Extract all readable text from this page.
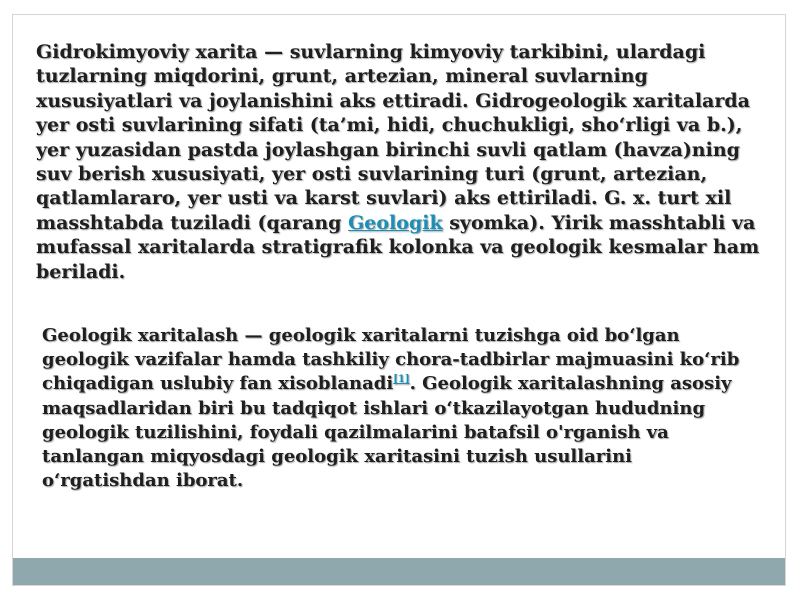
Gidrokimyoviy xarita — suvlarning kimyoviy tarkibini, ulardagi tuzlarning miqdorini, grunt, artezian, mineral suvlarning xususiyatlari va joylanishini aks ettiradi. Gidrogeologik xaritalarda yer osti suvlarining sifati (ta’mi, hidi, chuchukligi, sho‘rligi va b.), yer yuzasidan pastda joylashgan birinchi suvli qatlam (havza)ning suv berish xususiyati, yer osti suvlarining turi (grunt, artezian, qatlamlararo, yer usti va karst suvlari) aks ettiriladi. G. x. turt xil masshtabda tuziladi (qarang Geologik syomka). Yirik masshtabli va mufassal xaritalarda stratigrafik kolonka va geologik kesmalar ham beriladi.
Geologik xaritalash — geologik xaritalarni tuzishga oid boʻlgan geologik vazifalar hamda tashkiliy chora-tadbirlar majmuasini koʻrib chiqadigan uslubiy fan xisoblanadi[1]. Geologik xaritalashning asosiy maqsadlaridan biri bu tadqiqot ishlari oʻtkazilayotgan hududning geologik tuzilishini, foydali qazilmalarini batafsil o'rganish va tanlangan miqyosdagi geologik xaritasini tuzish usullarini oʻrgatishdan iborat.
